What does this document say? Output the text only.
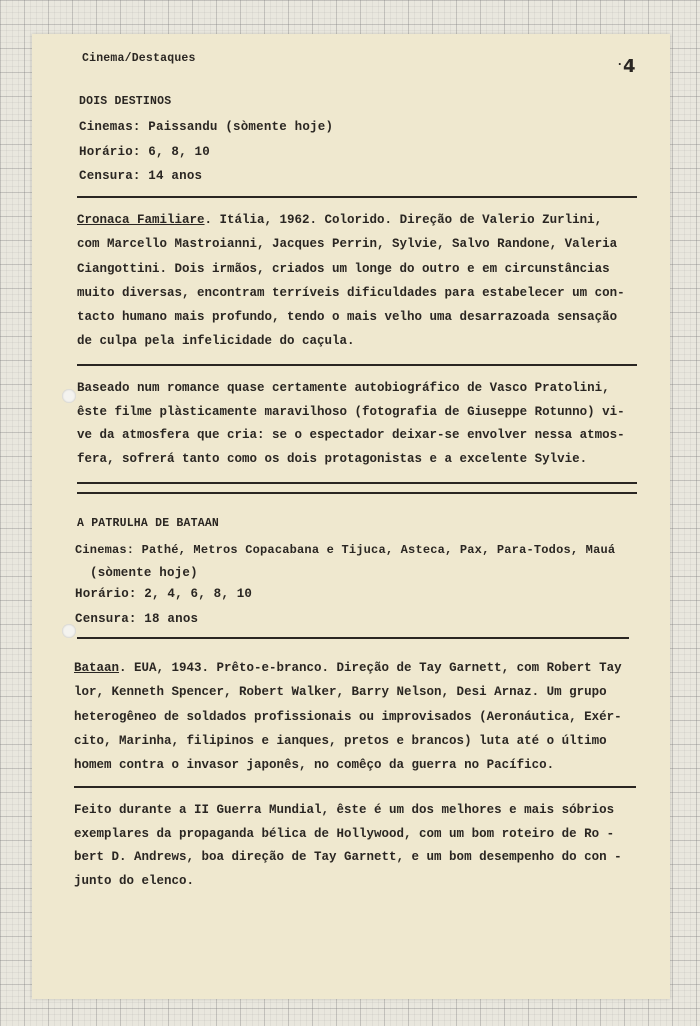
Cinema/Destaques	. 4
DOIS DESTINOS
Cinemas: Paissandu (sòmente hoje)
Horário: 6, 8, 10
Censura: 14 anos
Cronaca Familiare. Itália, 1962. Colorido. Direção de Valerio Zurlini,
com Marcello Mastroianni, Jacques Perrin, Sylvie, Salvo Randone, Valeria
Ciangottini. Dois irmãos, criados um longe do outro e em circunstâncias
muito diversas, encontram terríveis dificuldades para estabelecer um con-
tacto humano mais profundo, tendo o mais velho uma desarrazoada sensação
de culpa pela infelicidade do caçula.
Baseado num romance quase certamente autobiográfico de Vasco Pratolini,
êste filme plàsticamente maravilhoso (fotografia de Giuseppe Rotunno) vi-
ve da atmosfera que cria: se o espectador deixar-se envolver nessa atmos-
fera, sofrerá tanto como os dois protagonistas e a excelente Sylvie.
A PATRULHA DE BATAAN
Cinemas: Pathé, Metros Copacabana e Tijuca, Asteca, Pax, Para-Todos, Mauá
(sòmente hoje)
Horário: 2, 4, 6, 8, 10
Censura: 18 anos
Bataan. EUA, 1943. Prêto-e-branco. Direção de Tay Garnett, com Robert Tay
lor, Kenneth Spencer, Robert Walker, Barry Nelson, Desi Arnaz. Um grupo
heterogêneo de soldados profissionais ou improvisados (Aeronáutica, Exér-
cito, Marinha, filipinos e ianques, pretos e brancos) luta até o último
homem contra o invasor japonês, no comêço da guerra no Pacífico.
Feito durante a II Guerra Mundial, êste é um dos melhores e mais sóbrios
exemplares da propaganda bélica de Hollywood, com um bom roteiro de Ro -
bert D. Andrews, boa direção de Tay Garnett, e um bom desempenho do con -
junto do elenco.
